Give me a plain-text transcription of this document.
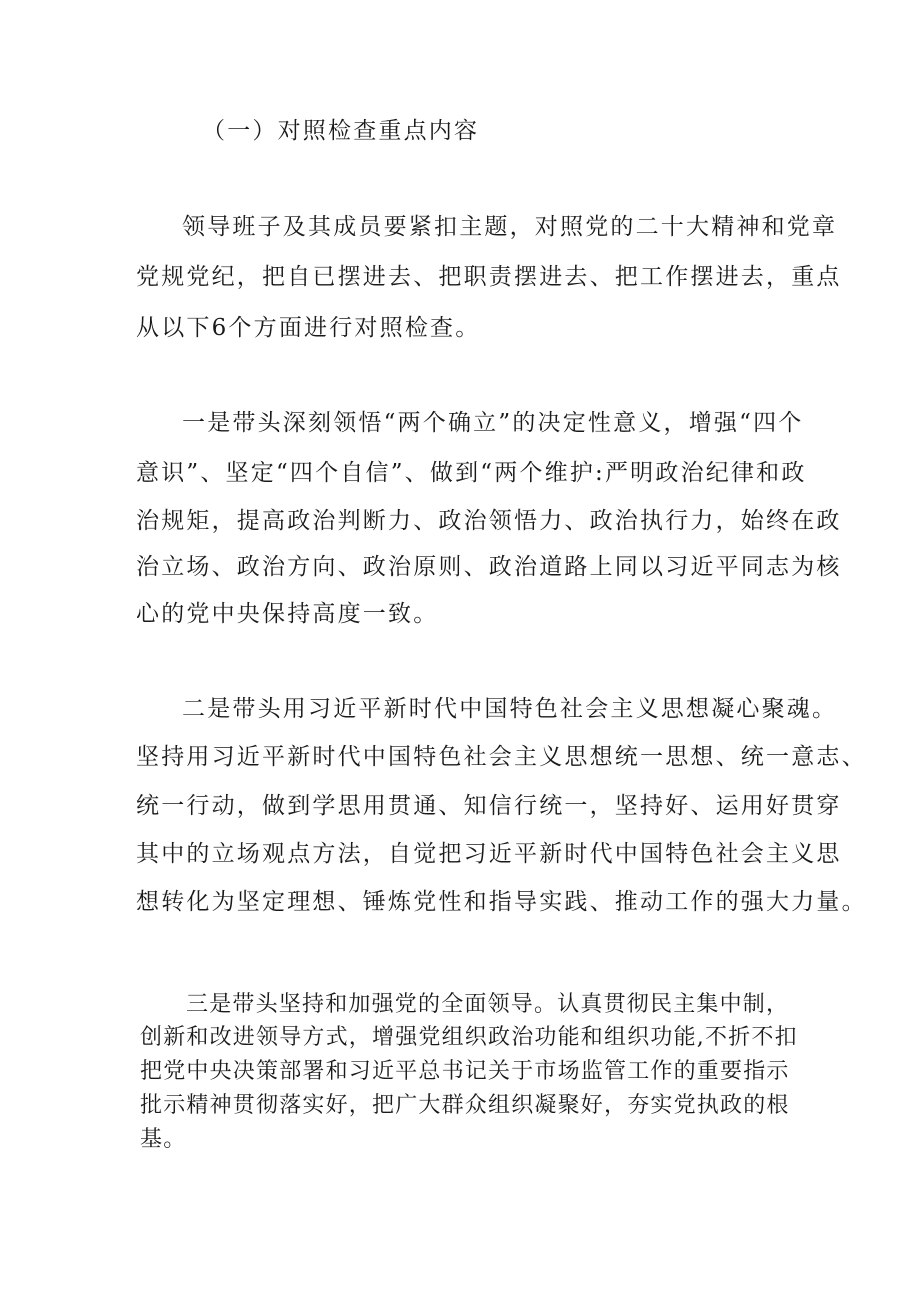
（一）对照检查重点内容

领导班子及其成员要紧扣主题，对照党的二十大精神和党章

党规党纪，把自已摆进去、把职责摆进去、把工作摆进去，重点

从以下6个方面进行对照检查。

一是带头深刻领悟“两个确立”的决定性意义，增强“四个

意识”、坚定“四个自信”、做到“两个维护:严明政治纪律和政

治规矩，提高政治判断力、政治领悟力、政治执行力，始终在政

治立场、政治方向、政治原则、政治道路上同以习近平同志为核

心的党中央保持高度一致。

二是带头用习近平新时代中国特色社会主义思想凝心聚魂。

坚持用习近平新时代中国特色社会主义思想统一思想、统一意志、

统一行动，做到学思用贯通、知信行统一，坚持好、运用好贯穿

其中的立场观点方法，自觉把习近平新时代中国特色社会主义思

想转化为坚定理想、锤炼党性和指导实践、推动工作的强大力量。

三是带头坚持和加强党的全面领导。认真贯彻民主集中制，

创新和改进领导方式，增强党组织政治功能和组织功能,不折不扣

把党中央决策部署和习近平总书记关于市场监管工作的重要指示

批示精神贯彻落实好，把广大群众组织凝聚好，夯实党执政的根

基。
